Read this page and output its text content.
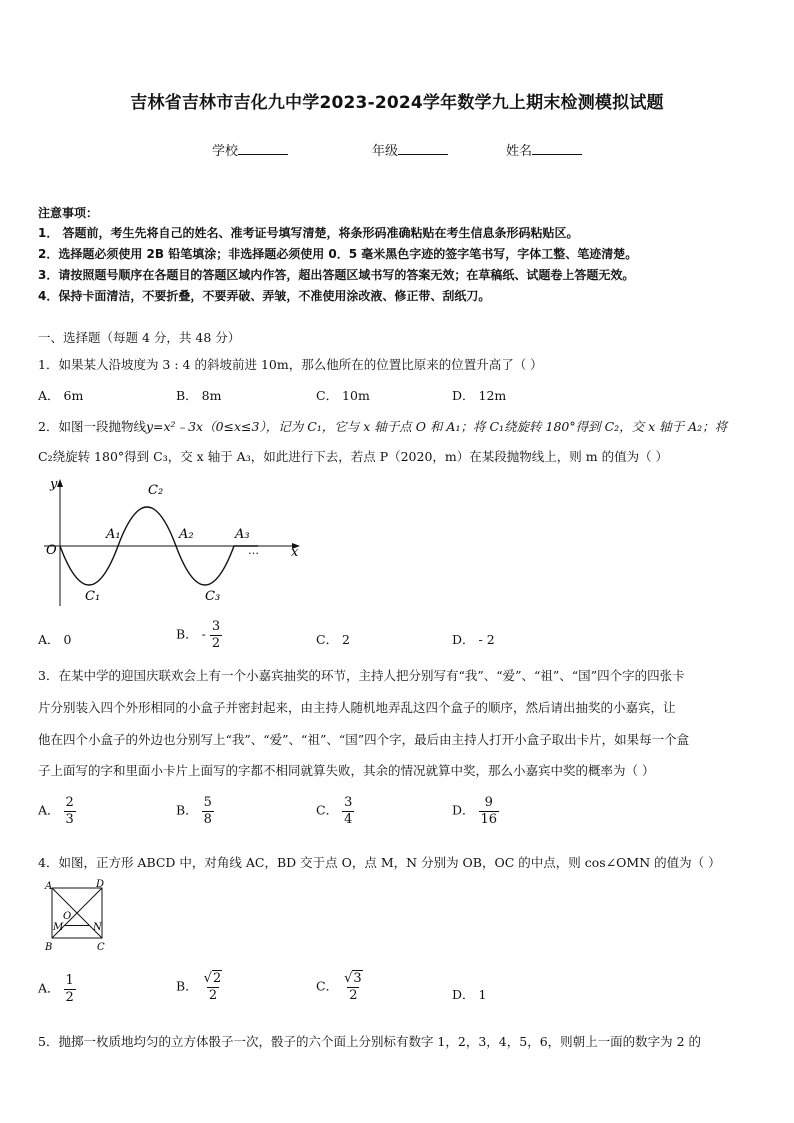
吉林省吉林市吉化九中学2023-2024学年数学九上期末检测模拟试题
学校	年级	姓名
注意事项：
1． 答题前，考生先将自己的姓名、准考证号填写清楚，将条形码准确粘贴在考生信息条形码粘贴区。
2．选择题必须使用 2B 铅笔填涂；非选择题必须使用 0．5 毫米黑色字迹的签字笔书写，字体工整、笔迹清楚。
3．请按照题号顺序在各题目的答题区域内作答，超出答题区域书写的答案无效；在草稿纸、试题卷上答题无效。
4．保持卡面清洁，不要折叠，不要弄破、弄皱，不准使用涂改液、修正带、刮纸刀。
一、选择题（每题 4 分，共 48 分）
1．如果某人沿坡度为 3 : 4 的斜坡前进 10m，那么他所在的位置比原来的位置升高了（ ）
A． 6m	B． 8m	C． 10m	D． 12m
2．如图一段抛物线y=x²﹣3x（0≤x≤3），记为 C₁，它与 x 轴于点 O 和 A₁；将 C₁绕旋转 180°得到 C₂，交 x 轴于 A₂；将
C₂绕旋转 180°得到 C₃，交 x 轴于 A₃，如此进行下去，若点 P（2020，m）在某段抛物线上，则 m 的值为（ ）
y
x
O
A₁	A₂	A₃
C₂
C₁	C₃
…
A． 0	B． - $\frac{3}{2}$	C． 2	D． - 2
3．在某中学的迎国庆联欢会上有一个小嘉宾抽奖的环节，主持人把分别写有“我”、“爱”、“祖”、“国”四个字的四张卡
片分别装入四个外形相同的小盒子并密封起来，由主持人随机地弄乱这四个盒子的顺序，然后请出抽奖的小嘉宾，让
他在四个小盒子的外边也分别写上“我”、“爱”、“祖”、“国”四个字，最后由主持人打开小盒子取出卡片，如果每一个盒
子上面写的字和里面小卡片上面写的字都不相同就算失败，其余的情况就算中奖，那么小嘉宾中奖的概率为（ ）
A． $\frac{2}{3}$	B． $\frac{5}{8}$	C． $\frac{3}{4}$	D． $\frac{9}{16}$
4．如图，正方形 ABCD 中，对角线 AC，BD 交于点 O，点 M，N 分别为 OB，OC 的中点，则 cos∠OMN 的值为（ ）
A	D
O
M	N
B	C
A． $\frac{1}{2}$	B． $\frac{√2}{2}$	C． $\frac{√3}{2}$	D． 1
5．抛掷一枚质地均匀的立方体骰子一次，骰子的六个面上分别标有数字 1，2，3，4，5，6，则朝上一面的数字为 2 的
